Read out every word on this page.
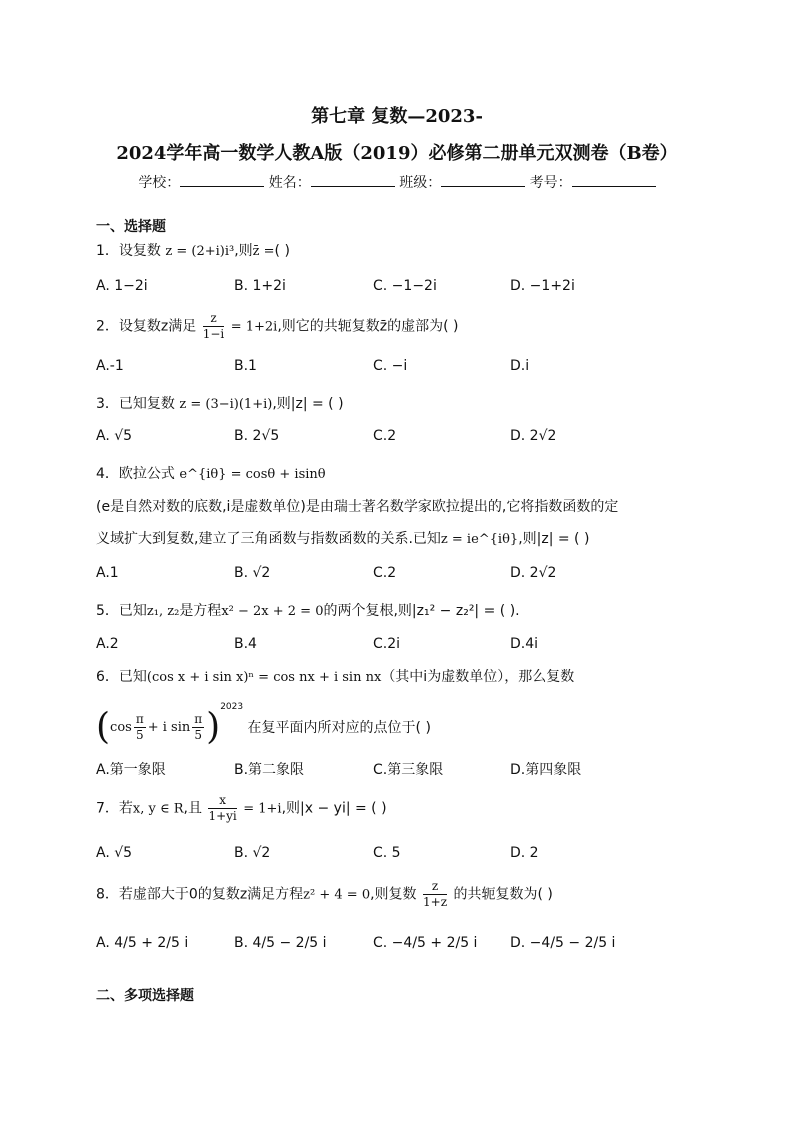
第七章 复数—2023-
2024学年高一数学人教A版（2019）必修第二册单元双测卷（B卷）
学校：	姓名：	班级：	考号：
一、选择题
1．设复数 z = (2+i)i³,则z̄ =( )
A. 1−2i	B. 1+2i	C. −1−2i	D. −1+2i
2．设复数z满足 $\frac{z}{1-i} = 1+2i$,则它的共轭复数z̄的虚部为( )
A.-1	B.1	C. −i	D.i
3．已知复数 z = (3−i)(1+i),则|z| = ( )
A. √5	B. 2√5	C.2	D. 2√2
4．欧拉公式 e^{iθ} = cosθ + isinθ
(e是自然对数的底数,i是虚数单位)是由瑞士著名数学家欧拉提出的,它将指数函数的定
义域扩大到复数,建立了三角函数与指数函数的关系.已知z = ie^{iθ},则|z| = ( )
A.1	B. √2	C.2	D. 2√2
5．已知z₁, z₂是方程x² − 2x + 2 = 0的两个复根,则|z₁² − z₂²| = ( ).
A.2	B.4	C.2i	D.4i
6．已知(cos x + i sin x)ⁿ = cos nx + i sin nx（其中i为虚数单位），那么复数
($\cos \frac{\pi}{5} + i$ $\sin \frac{\pi}{5} )^{2023}$ 在复平面内所对应的点位于( )
A.第一象限	B.第二象限	C.第三象限	D.第四象限
7．若x, y ∈ R,且 $\frac{x}{1+yi} = 1+i$,则|x − yi| = ( )
A. √5	B. √2	C. 5	D. 2
8．若虚部大于0的复数z满足方程z² + 4 = 0,则复数 $\frac{z}{1+z}$ 的共轭复数为( )
A. 4/5 + 2/5 i	B. 4/5 − 2/5 i	C. −4/5 + 2/5 i D. −4/5 − 2/5 i
二、多项选择题
